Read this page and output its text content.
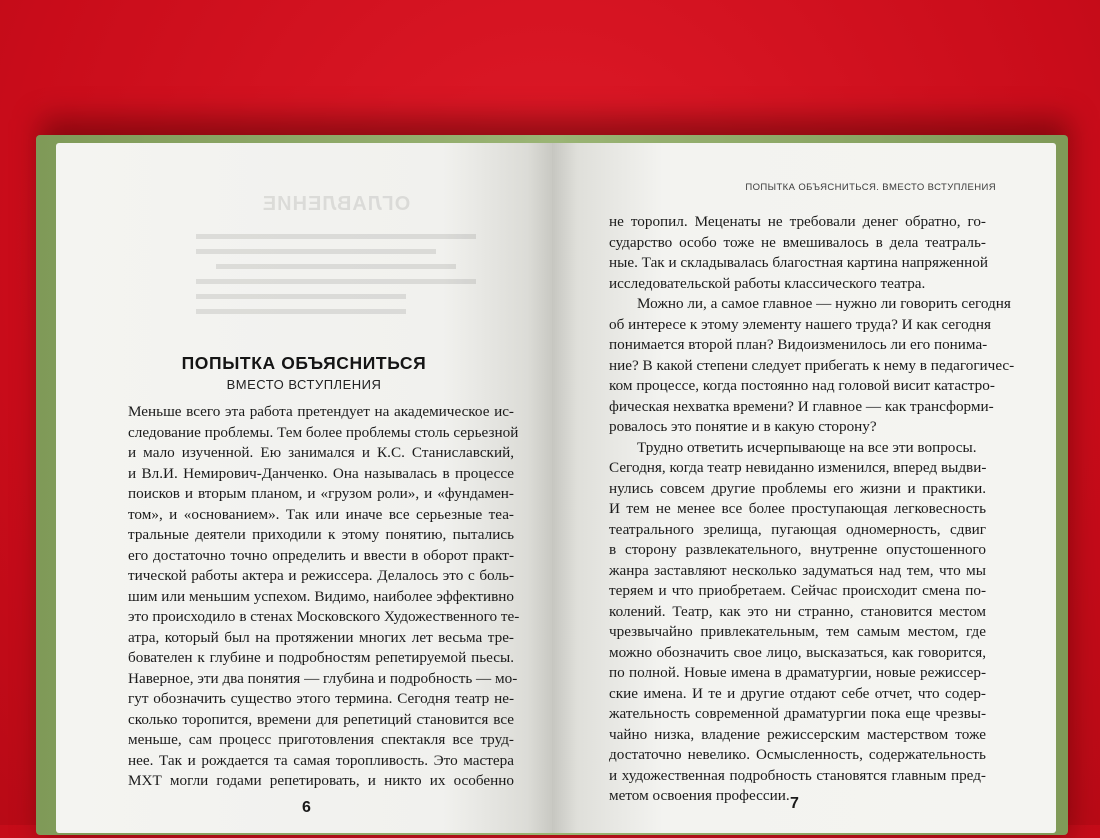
ОГЛАВЛЕНИЕ
ПОПЫТКА ОБЪЯСНИТЬСЯ
ВМЕСТО ВСТУПЛЕНИЯ
Меньше всего эта работа претендует на академическое ис-
следование проблемы. Тем более проблемы столь серьезной
и мало изученной. Ею занимался и К.С. Станиславский,
и Вл.И. Немирович-Данченко. Она называлась в процессе
поисков и вторым планом, и «грузом роли», и «фундамен-
том», и «основанием». Так или иначе все серьезные теа-
тральные деятели приходили к этому понятию, пытались
его достаточно точно определить и ввести в оборот практ-
тической работы актера и режиссера. Делалось это с боль-
шим или меньшим успехом. Видимо, наиболее эффективно
это происходило в стенах Московского Художественного те-
атра, который был на протяжении многих лет весьма тре-
бователен к глубине и подробностям репетируемой пьесы.
Наверное, эти два понятия — глубина и подробность — мо-
гут обозначить существо этого термина. Сегодня театр не-
сколько торопится, времени для репетиций становится все
меньше, сам процесс приготовления спектакля все труд-
нее. Так и рождается та самая торопливость. Это мастера
МХТ могли годами репетировать, и никто их особенно
6
ПОПЫТКА ОБЪЯСНИТЬСЯ. ВМЕСТО ВСТУПЛЕНИЯ
не торопил. Меценаты не требовали денег обратно, го-
сударство особо тоже не вмешивалось в дела театраль-
ные. Так и складывалась благостная картина напряженной
исследовательской работы классического театра.
Можно ли, а самое главное — нужно ли говорить сегодня
об интересе к этому элементу нашего труда? И как сегодня
понимается второй план? Видоизменилось ли его понима-
ние? В какой степени следует прибегать к нему в педагогичес-
ком процессе, когда постоянно над головой висит катастро-
фическая нехватка времени? И главное — как трансформи-
ровалось это понятие и в какую сторону?
Трудно ответить исчерпывающе на все эти вопросы.
Сегодня, когда театр невиданно изменился, вперед выдви-
нулись совсем другие проблемы его жизни и практики.
И тем не менее все более проступающая легковесность
театрального зрелища, пугающая одномерность, сдвиг
в сторону развлекательного, внутренне опустошенного
жанра заставляют несколько задуматься над тем, что мы
теряем и что приобретаем. Сейчас происходит смена по-
колений. Театр, как это ни странно, становится местом
чрезвычайно привлекательным, тем самым местом, где
можно обозначить свое лицо, высказаться, как говорится,
по полной. Новые имена в драматургии, новые режиссер-
ские имена. И те и другие отдают себе отчет, что содер-
жательность современной драматургии пока еще чрезвы-
чайно низка, владение режиссерским мастерством тоже
достаточно невелико. Осмысленность, содержательность
и художественная подробность становятся главным пред-
метом освоения профессии. 7
